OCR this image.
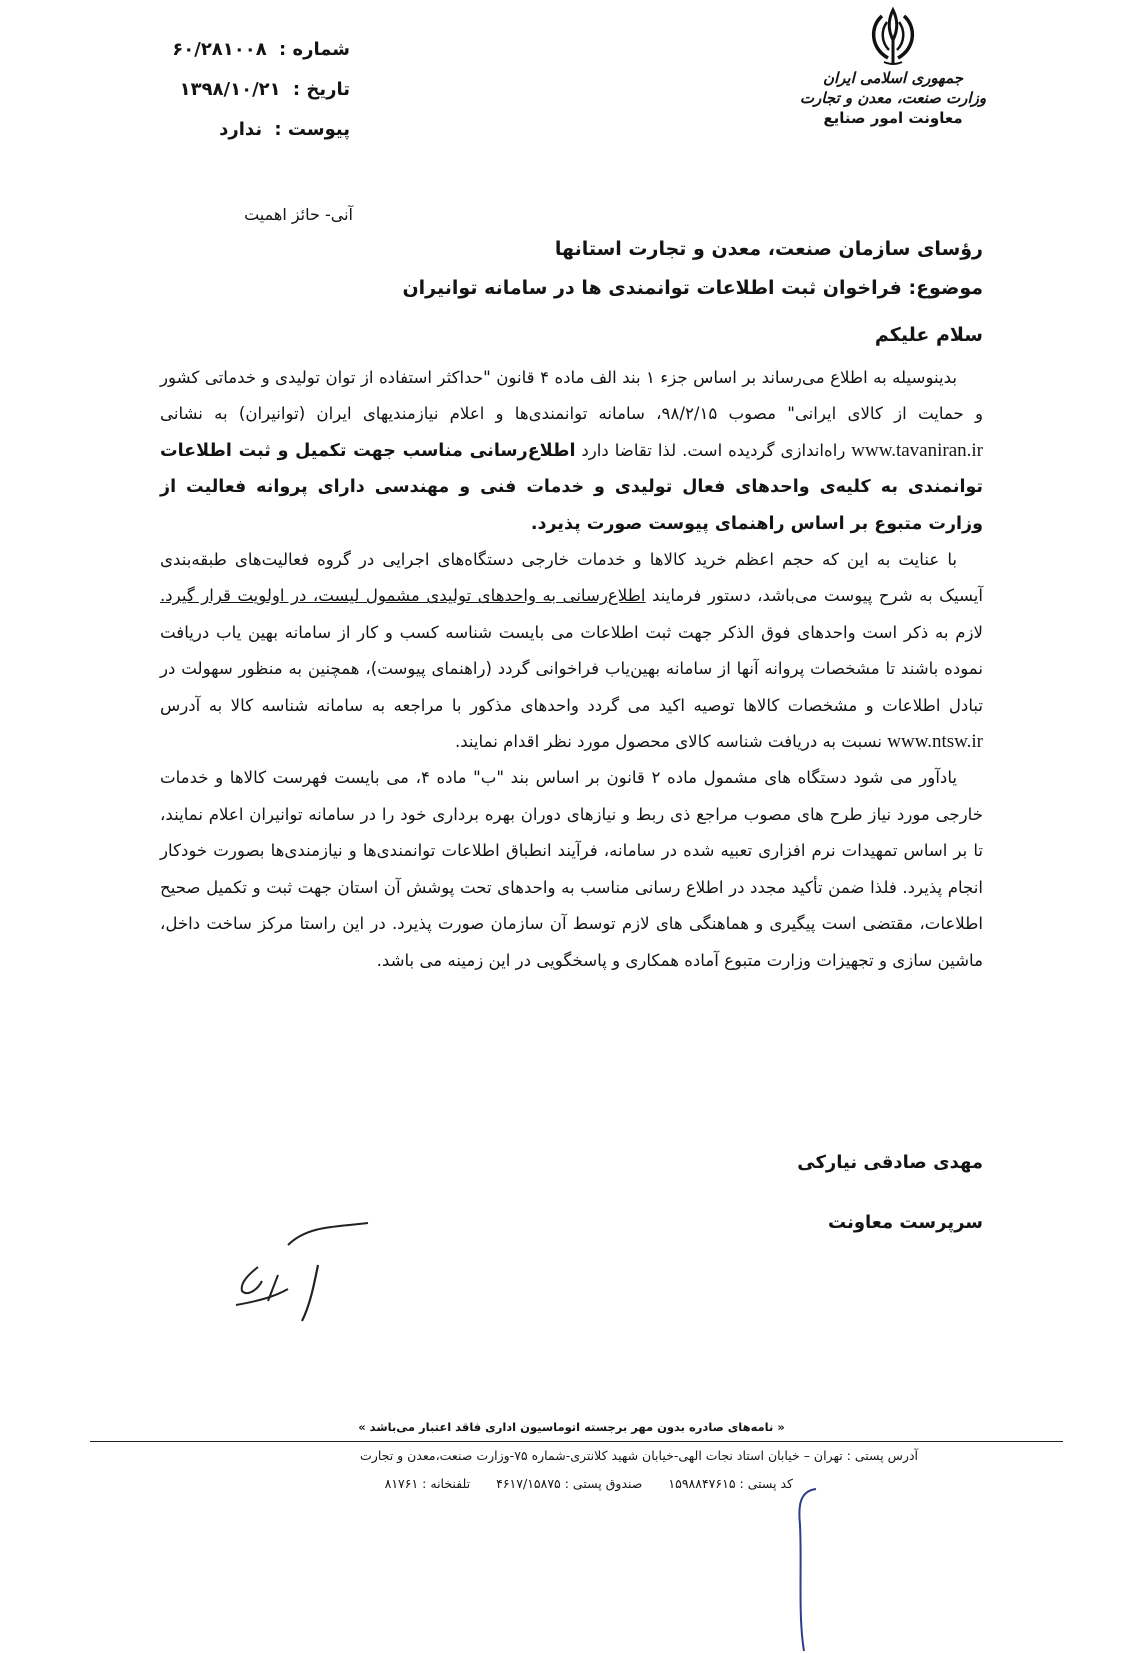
جمهوری اسلامی ایران
وزارت صنعت، معدن و تجارت
معاونت امور صنایع
شماره : ۶۰/۲۸۱۰۰۸
تاریخ : ۱۳۹۸/۱۰/۲۱
پیوست : ندارد
آنی- حائز اهمیت
رؤسای سازمان صنعت، معدن و تجارت استانها
موضوع: فراخوان ثبت اطلاعات توانمندی ها در سامانه توانیران
سلام علیکم

بدینوسیله به اطلاع می‌رساند بر اساس جزء ۱ بند الف ماده ۴ قانون "حداکثر استفاده از توان تولیدی و خدماتی کشور و حمایت از کالای ایرانی" مصوب ۹۸/۲/۱۵، سامانه توانمندی‌ها و اعلام نیازمندیهای ایران (توانیران) به نشانی www.tavaniran.ir راه‌اندازی گردیده است. لذا تقاضا دارد اطلاع‌رسانی مناسب جهت تکمیل و ثبت اطلاعات توانمندی به کلیه‌ی واحدهای فعال تولیدی و خدمات فنی و مهندسی دارای پروانه فعالیت از وزارت متبوع بر اساس راهنمای پیوست صورت پذیرد.

با عنایت به این که حجم اعظم خرید کالاها و خدمات خارجی دستگاه‌های اجرایی در گروه فعالیت‌های طبقه‌بندی آیسیک به شرح پیوست می‌باشد، دستور فرمایند اطلاع‌رسانی به واحدهای تولیدی مشمول لیست، در اولویت قرار گیرد. لازم به ذکر است واحدهای فوق الذکر جهت ثبت اطلاعات می بایست شناسه کسب و کار از سامانه بهین یاب دریافت نموده باشند تا مشخصات پروانه آنها از سامانه بهین‌یاب فراخوانی گردد (راهنمای پیوست)، همچنین به منظور سهولت در تبادل اطلاعات و مشخصات کالاها توصیه اکید می گردد واحدهای مذکور با مراجعه به سامانه شناسه کالا به آدرس www.ntsw.ir نسبت به دریافت شناسه کالای محصول مورد نظر اقدام نمایند.

یادآور می شود دستگاه های مشمول ماده ۲ قانون بر اساس بند "ب" ماده ۴، می بایست فهرست کالاها و خدمات خارجی مورد نیاز طرح های مصوب مراجع ذی ربط و نیازهای دوران بهره برداری خود را در سامانه توانیران اعلام نمایند، تا بر اساس تمهیدات نرم افزاری تعبیه شده در سامانه، فرآیند انطباق اطلاعات توانمندی‌ها و نیازمندی‌ها بصورت خودکار انجام پذیرد. فلذا ضمن تأکید مجدد در اطلاع رسانی مناسب به واحدهای تحت پوشش آن استان جهت ثبت و تکمیل صحیح اطلاعات، مقتضی است پیگیری و هماهنگی های لازم توسط آن سازمان صورت پذیرد. در این راستا مرکز ساخت داخل، ماشین سازی و تجهیزات وزارت متبوع آماده همکاری و پاسخگویی در این زمینه می باشد.

مهدی صادقی نیارکی
سرپرست معاونت
« نامه‌های صادره بدون مهر برجسته اتوماسیون اداری فاقد اعتبار می‌باشد »
آدرس پستی : تهران – خیابان استاد نجات الهی-خیابان شهید کلانتری-شماره ۷۵-وزارت صنعت،معدن و تجارت
کد پستی : ۱۵۹۸۸۴۷۶۱۵ صندوق پستی : ۴۶۱۷/۱۵۸۷۵ تلفنخانه : ۸۱۷۶۱
